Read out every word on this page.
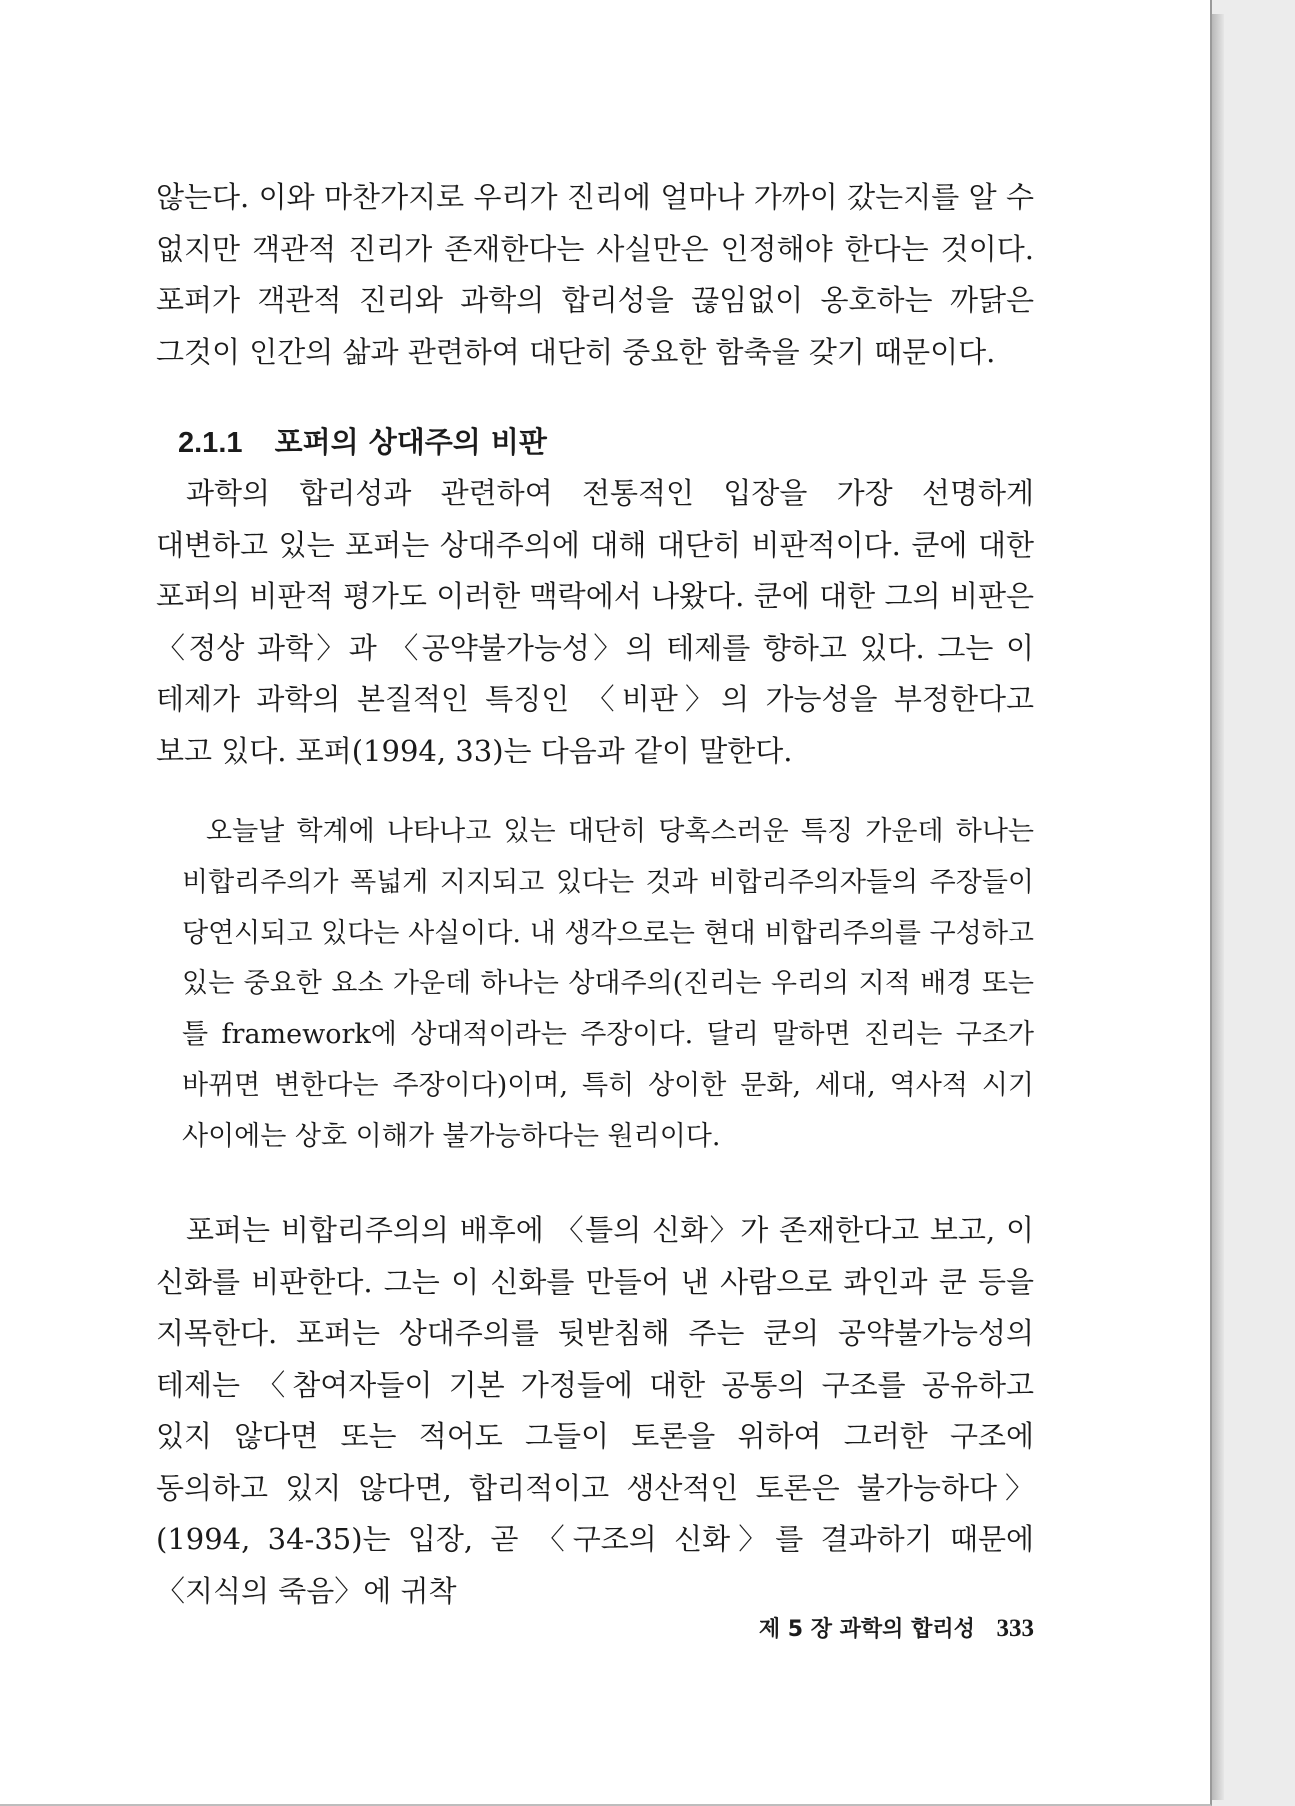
않는다. 이와 마찬가지로 우리가 진리에 얼마나 가까이 갔는지를 알 수 없지만 객관적 진리가 존재한다는 사실만은 인정해야 한다는 것이다. 포퍼가 객관적 진리와 과학의 합리성을 끊임없이 옹호하는 까닭은 그것이 인간의 삶과 관련하여 대단히 중요한 함축을 갖기 때문이다.

2.1.1 포퍼의 상대주의 비판

과학의 합리성과 관련하여 전통적인 입장을 가장 선명하게 대변하고 있는 포퍼는 상대주의에 대해 대단히 비판적이다. 쿤에 대한 포퍼의 비판적 평가도 이러한 맥락에서 나왔다. 쿤에 대한 그의 비판은 〈정상 과학〉과 〈공약불가능성〉의 테제를 향하고 있다. 그는 이 테제가 과학의 본질적인 특징인 〈비판〉의 가능성을 부정한다고 보고 있다. 포퍼(1994, 33)는 다음과 같이 말한다.

오늘날 학계에 나타나고 있는 대단히 당혹스러운 특징 가운데 하나는 비합리주의가 폭넓게 지지되고 있다는 것과 비합리주의자들의 주장들이 당연시되고 있다는 사실이다. 내 생각으로는 현대 비합리주의를 구성하고 있는 중요한 요소 가운데 하나는 상대주의(진리는 우리의 지적 배경 또는 틀 framework에 상대적이라는 주장이다. 달리 말하면 진리는 구조가 바뀌면 변한다는 주장이다)이며, 특히 상이한 문화, 세대, 역사적 시기 사이에는 상호 이해가 불가능하다는 원리이다.

포퍼는 비합리주의의 배후에 〈틀의 신화〉가 존재한다고 보고, 이 신화를 비판한다. 그는 이 신화를 만들어 낸 사람으로 콰인과 쿤 등을 지목한다. 포퍼는 상대주의를 뒷받침해 주는 쿤의 공약불가능성의 테제는 〈참여자들이 기본 가정들에 대한 공통의 구조를 공유하고 있지 않다면 또는 적어도 그들이 토론을 위하여 그러한 구조에 동의하고 있지 않다면, 합리적이고 생산적인 토론은 불가능하다〉(1994, 34-35)는 입장, 곧 〈구조의 신화〉를 결과하기 때문에 〈지식의 죽음〉에 귀착

제 5 장 과학의 합리성 333
